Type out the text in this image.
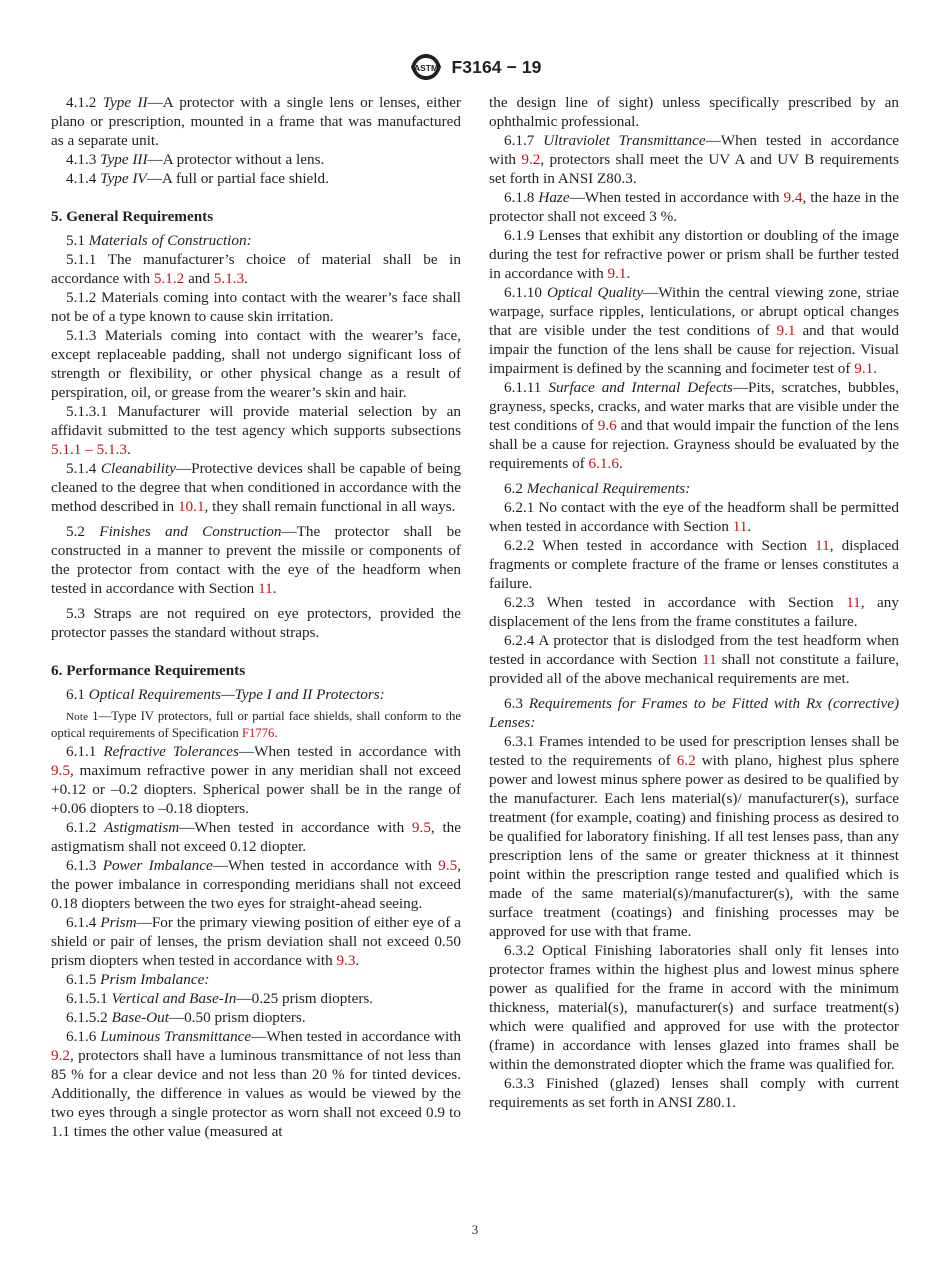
ASTM F3164 − 19

4.1.2 Type II—A protector with a single lens or lenses, either plano or prescription, mounted in a frame that was manufactured as a separate unit.

4.1.3 Type III—A protector without a lens.

4.1.4 Type IV—A full or partial face shield.

5. General Requirements

5.1 Materials of Construction:

5.1.1 The manufacturer’s choice of material shall be in accordance with 5.1.2 and 5.1.3.

5.1.2 Materials coming into contact with the wearer’s face shall not be of a type known to cause skin irritation.

5.1.3 Materials coming into contact with the wearer’s face, except replaceable padding, shall not undergo significant loss of strength or flexibility, or other physical change as a result of perspiration, oil, or grease from the wearer’s skin and hair.

5.1.3.1 Manufacturer will provide material selection by an affidavit submitted to the test agency which supports subsections 5.1.1 – 5.1.3.

5.1.4 Cleanability—Protective devices shall be capable of being cleaned to the degree that when conditioned in accordance with the method described in 10.1, they shall remain functional in all ways.

5.2 Finishes and Construction—The protector shall be constructed in a manner to prevent the missile or components of the protector from contact with the eye of the headform when tested in accordance with Section 11.

5.3 Straps are not required on eye protectors, provided the protector passes the standard without straps.

6. Performance Requirements

6.1 Optical Requirements—Type I and II Protectors:

Note 1—Type IV protectors, full or partial face shields, shall conform to the optical requirements of Specification F1776.

6.1.1 Refractive Tolerances—When tested in accordance with 9.5, maximum refractive power in any meridian shall not exceed +0.12 or –0.2 diopters. Spherical power shall be in the range of +0.06 diopters to –0.18 diopters.

6.1.2 Astigmatism—When tested in accordance with 9.5, the astigmatism shall not exceed 0.12 diopter.

6.1.3 Power Imbalance—When tested in accordance with 9.5, the power imbalance in corresponding meridians shall not exceed 0.18 diopters between the two eyes for straight-ahead seeing.

6.1.4 Prism—For the primary viewing position of either eye of a shield or pair of lenses, the prism deviation shall not exceed 0.50 prism diopters when tested in accordance with 9.3.

6.1.5 Prism Imbalance:

6.1.5.1 Vertical and Base-In—0.25 prism diopters.

6.1.5.2 Base-Out—0.50 prism diopters.

6.1.6 Luminous Transmittance—When tested in accordance with 9.2, protectors shall have a luminous transmittance of not less than 85 % for a clear device and not less than 20 % for tinted devices. Additionally, the difference in values as would be viewed by the two eyes through a single protector as worn shall not exceed 0.9 to 1.1 times the other value (measured at

the design line of sight) unless specifically prescribed by an ophthalmic professional.

6.1.7 Ultraviolet Transmittance—When tested in accordance with 9.2, protectors shall meet the UV A and UV B requirements set forth in ANSI Z80.3.

6.1.8 Haze—When tested in accordance with 9.4, the haze in the protector shall not exceed 3 %.

6.1.9 Lenses that exhibit any distortion or doubling of the image during the test for refractive power or prism shall be further tested in accordance with 9.1.

6.1.10 Optical Quality—Within the central viewing zone, striae warpage, surface ripples, lenticulations, or abrupt optical changes that are visible under the test conditions of 9.1 and that would impair the function of the lens shall be cause for rejection. Visual impairment is defined by the scanning and focimeter test of 9.1.

6.1.11 Surface and Internal Defects—Pits, scratches, bubbles, grayness, specks, cracks, and water marks that are visible under the test conditions of 9.6 and that would impair the function of the lens shall be a cause for rejection. Grayness should be evaluated by the requirements of 6.1.6.

6.2 Mechanical Requirements:

6.2.1 No contact with the eye of the headform shall be permitted when tested in accordance with Section 11.

6.2.2 When tested in accordance with Section 11, displaced fragments or complete fracture of the frame or lenses constitutes a failure.

6.2.3 When tested in accordance with Section 11, any displacement of the lens from the frame constitutes a failure.

6.2.4 A protector that is dislodged from the test headform when tested in accordance with Section 11 shall not constitute a failure, provided all of the above mechanical requirements are met.

6.3 Requirements for Frames to be Fitted with Rx (corrective) Lenses:

6.3.1 Frames intended to be used for prescription lenses shall be tested to the requirements of 6.2 with plano, highest plus sphere power and lowest minus sphere power as desired to be qualified by the manufacturer. Each lens material(s)/ manufacturer(s), surface treatment (for example, coating) and finishing process as desired to be qualified for laboratory finishing. If all test lenses pass, than any prescription lens of the same or greater thickness at it thinnest point within the prescription range tested and qualified which is made of the same material(s)/manufacturer(s), with the same surface treatment (coatings) and finishing processes may be approved for use with that frame.

6.3.2 Optical Finishing laboratories shall only fit lenses into protector frames within the highest plus and lowest minus sphere power as qualified for the frame in accord with the minimum thickness, material(s), manufacturer(s) and surface treatment(s) which were qualified and approved for use with the protector (frame) in accordance with lenses glazed into frames shall be within the demonstrated diopter which the frame was qualified for.

6.3.3 Finished (glazed) lenses shall comply with current requirements as set forth in ANSI Z80.1.

3
